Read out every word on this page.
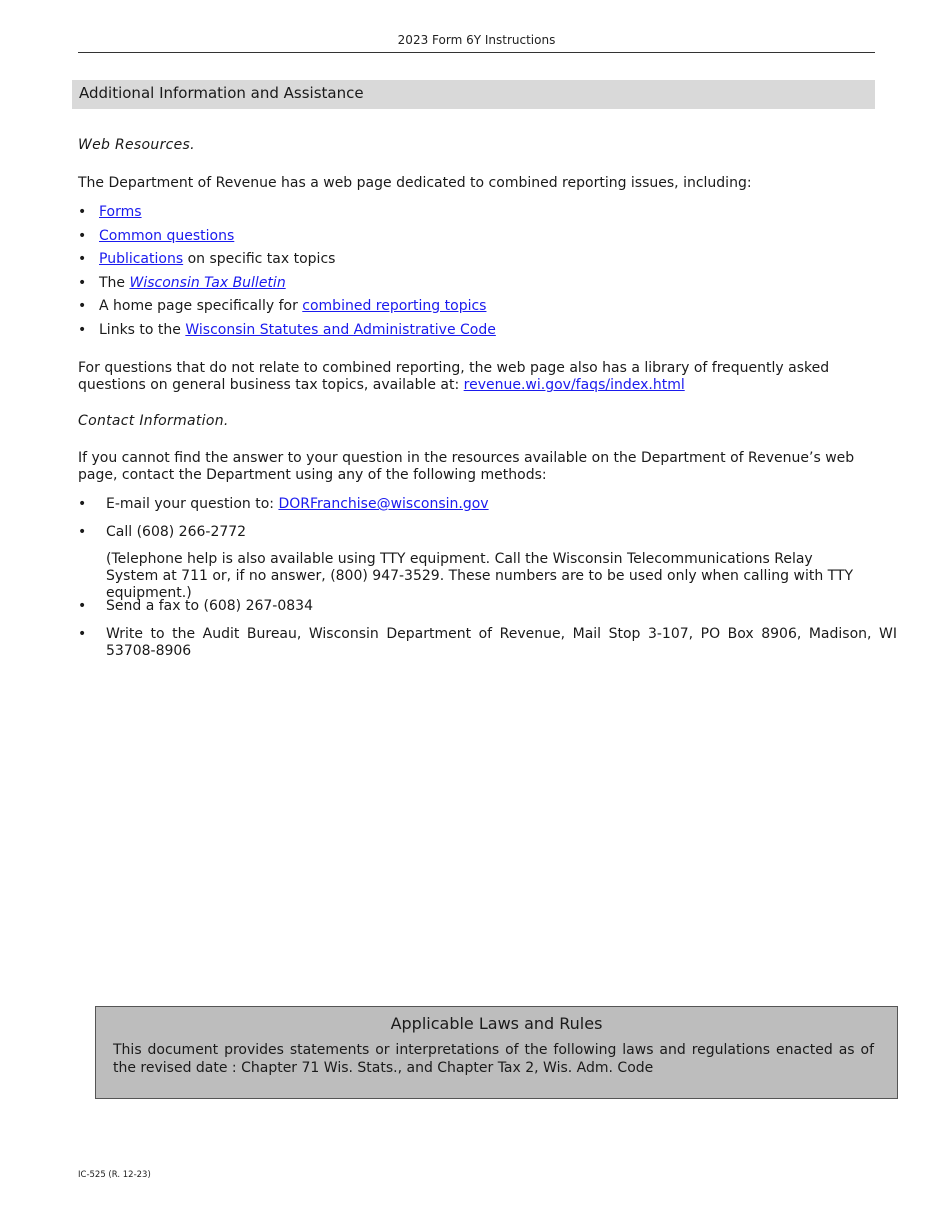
2023 Form 6Y Instructions
Additional Information and Assistance
Web Resources.
The Department of Revenue has a web page dedicated to combined reporting issues, including:
• Forms
• Common questions
• Publications on specific tax topics
• The Wisconsin Tax Bulletin
• A home page specifically for combined reporting topics
• Links to the Wisconsin Statutes and Administrative Code
For questions that do not relate to combined reporting, the web page also has a library of frequently asked questions on general business tax topics, available at: revenue.wi.gov/faqs/index.html
Contact Information.
If you cannot find the answer to your question in the resources available on the Department of Revenue’s web page, contact the Department using any of the following methods:
• E-mail your question to: DORFranchise@wisconsin.gov
• Call (608) 266-2772
• Send a fax to (608) 267-0834
• Write to the Audit Bureau, Wisconsin Department of Revenue, Mail Stop 3-107, PO Box 8906, Madison, WI 53708-8906
(Telephone help is also available using TTY equipment. Call the Wisconsin Telecommunications Relay System at 711 or, if no answer, (800) 947-3529. These numbers are to be used only when calling with TTY equipment.)
Applicable Laws and Rules
This document provides statements or interpretations of the following laws and regulations enacted as of the revised date : Chapter 71 Wis. Stats., and Chapter Tax 2, Wis. Adm. Code
IC-525 (R. 12-23)
